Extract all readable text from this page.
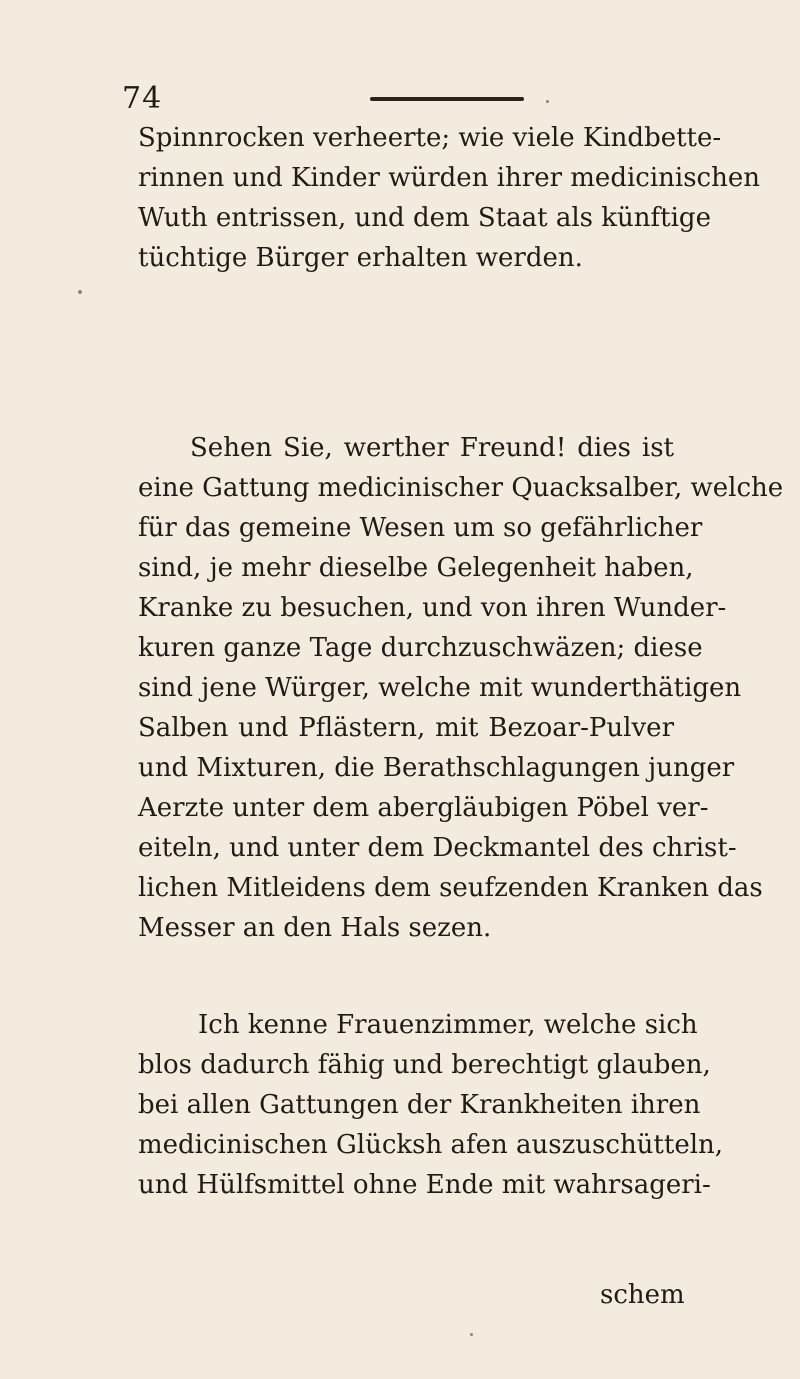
74
Spinnrocken verheerte; wie viele Kindbette-
rinnen und Kinder würden ihrer medicinischen
Wuth entrissen, und dem Staat als künftige
tüchtige Bürger erhalten werden.
Sehen Sie, werther Freund! dies ist
eine Gattung medicinischer Quacksalber, welche
für das gemeine Wesen um so gefährlicher
sind, je mehr dieselbe Gelegenheit haben,
Kranke zu besuchen, und von ihren Wunder-
kuren ganze Tage durchzuschwäzen; diese
sind jene Würger, welche mit wunderthätigen
Salben und Pflästern, mit Bezoar-Pulver
und Mixturen, die Berathschlagungen junger
Aerzte unter dem abergläubigen Pöbel ver-
eiteln, und unter dem Deckmantel des christ-
lichen Mitleidens dem seufzenden Kranken das
Messer an den Hals sezen.
Ich kenne Frauenzimmer, welche sich
blos dadurch fähig und berechtigt glauben,
bei allen Gattungen der Krankheiten ihren
medicinischen Glücksh afen auszuschütteln,
und Hülfsmittel ohne Ende mit wahrsageri-
schem
